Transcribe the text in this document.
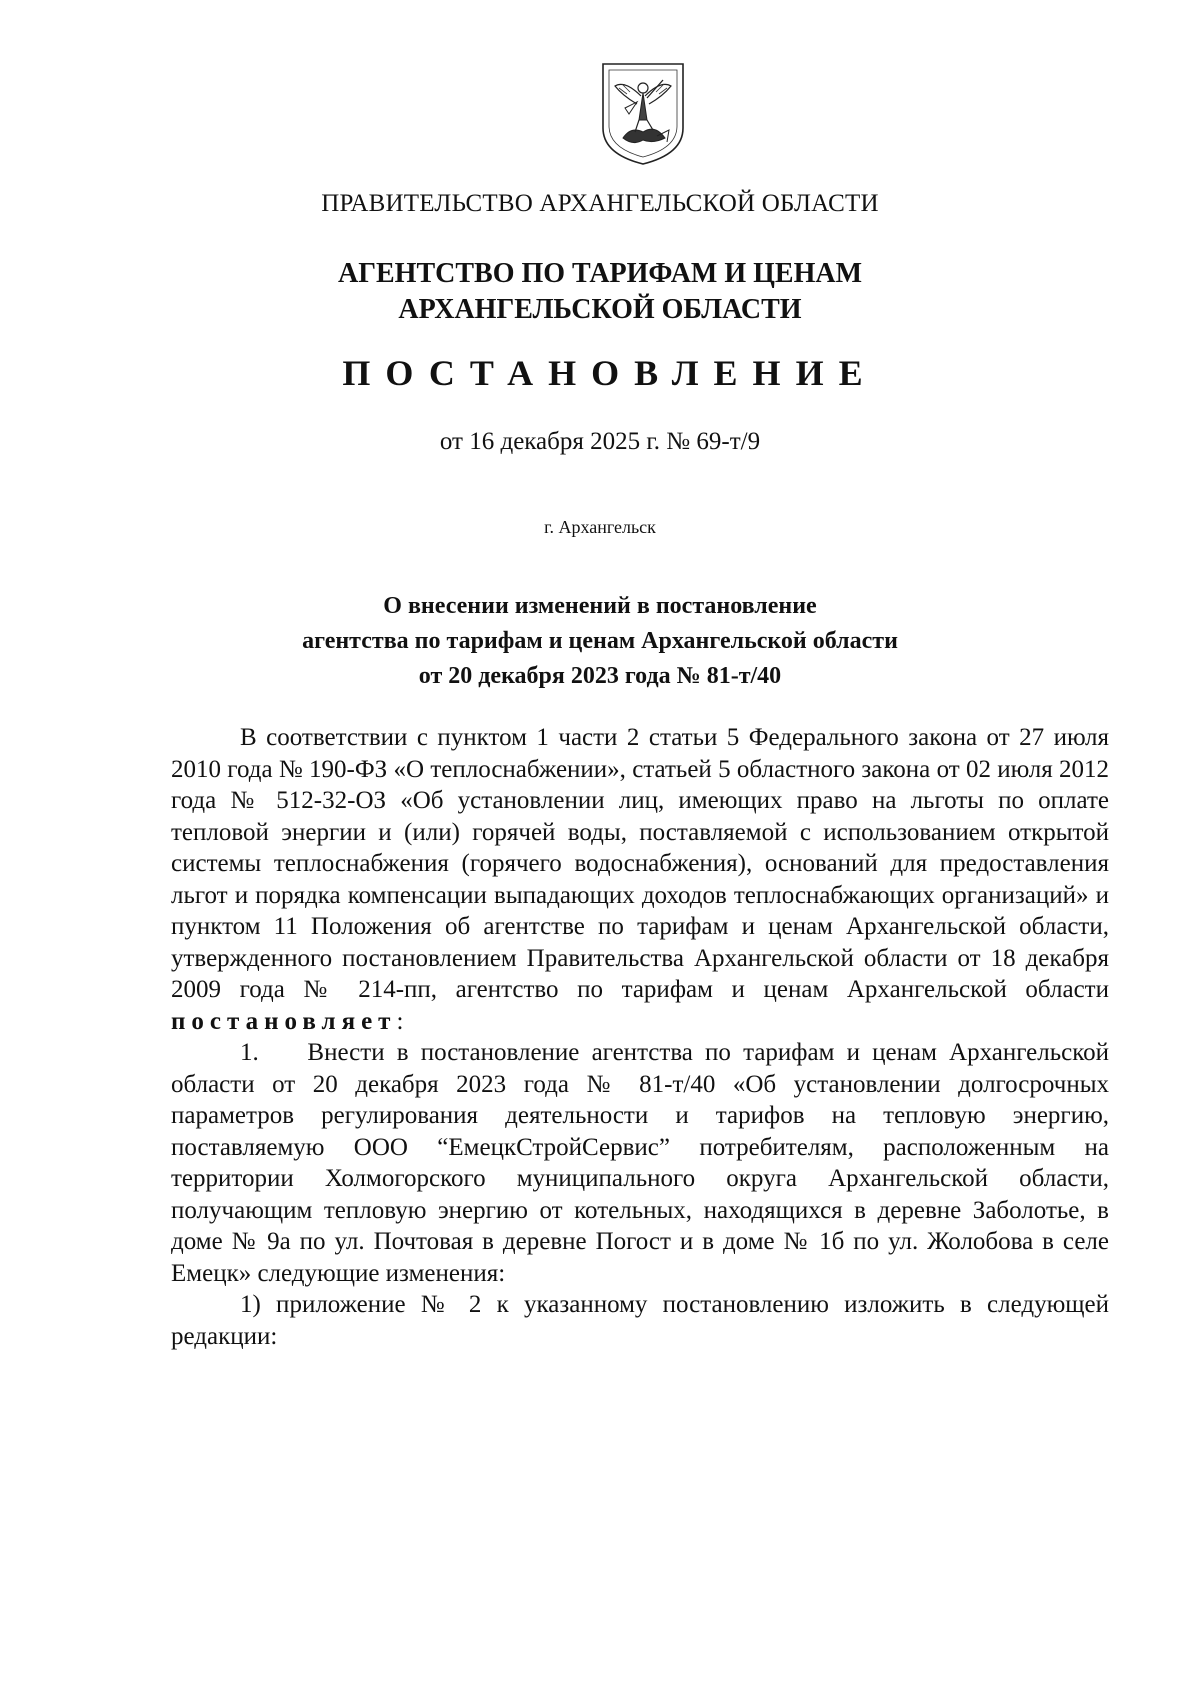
ПРАВИТЕЛЬСТВО АРХАНГЕЛЬСКОЙ ОБЛАСТИ
АГЕНТСТВО ПО ТАРИФАМ И ЦЕНАМ
АРХАНГЕЛЬСКОЙ ОБЛАСТИ
ПОСТАНОВЛЕНИЕ
от 16 декабря 2025 г. № 69-т/9
г. Архангельск
О внесении изменений в постановление
агентства по тарифам и ценам Архангельской области
от 20 декабря 2023 года № 81-т/40

В соответствии с пунктом 1 части 2 статьи 5 Федерального закона от 27 июля 2010 года № 190-ФЗ «О теплоснабжении», статьей 5 областного закона от 02 июля 2012 года № 512-32-ОЗ «Об установлении лиц, имеющих право на льготы по оплате тепловой энергии и (или) горячей воды, поставляемой с использованием открытой системы теплоснабжения (горячего водоснабжения), оснований для предоставления льгот и порядка компенсации выпадающих доходов теплоснабжающих организаций» и пунктом 11 Положения об агентстве по тарифам и ценам Архангельской области, утвержденного постановлением Правительства Архангельской области от 18 декабря 2009 года № 214-пп, агентство по тарифам и ценам Архангельской области постановляет:

1.    Внести в постановление агентства по тарифам и ценам Архангельской области от 20 декабря 2023 года № 81-т/40 «Об установлении долгосрочных параметров регулирования деятельности и тарифов на тепловую энергию, поставляемую ООО “ЕмецкСтройСервис” потребителям, расположенным на территории Холмогорского муниципального округа Архангельской области, получающим тепловую энергию от котельных, находящихся в деревне Заболотье, в доме № 9а по ул. Почтовая в деревне Погост и в доме № 1б по ул. Жолобова в селе Емецк» следующие изменения:

1) приложение № 2 к указанному постановлению изложить в следующей редакции:
